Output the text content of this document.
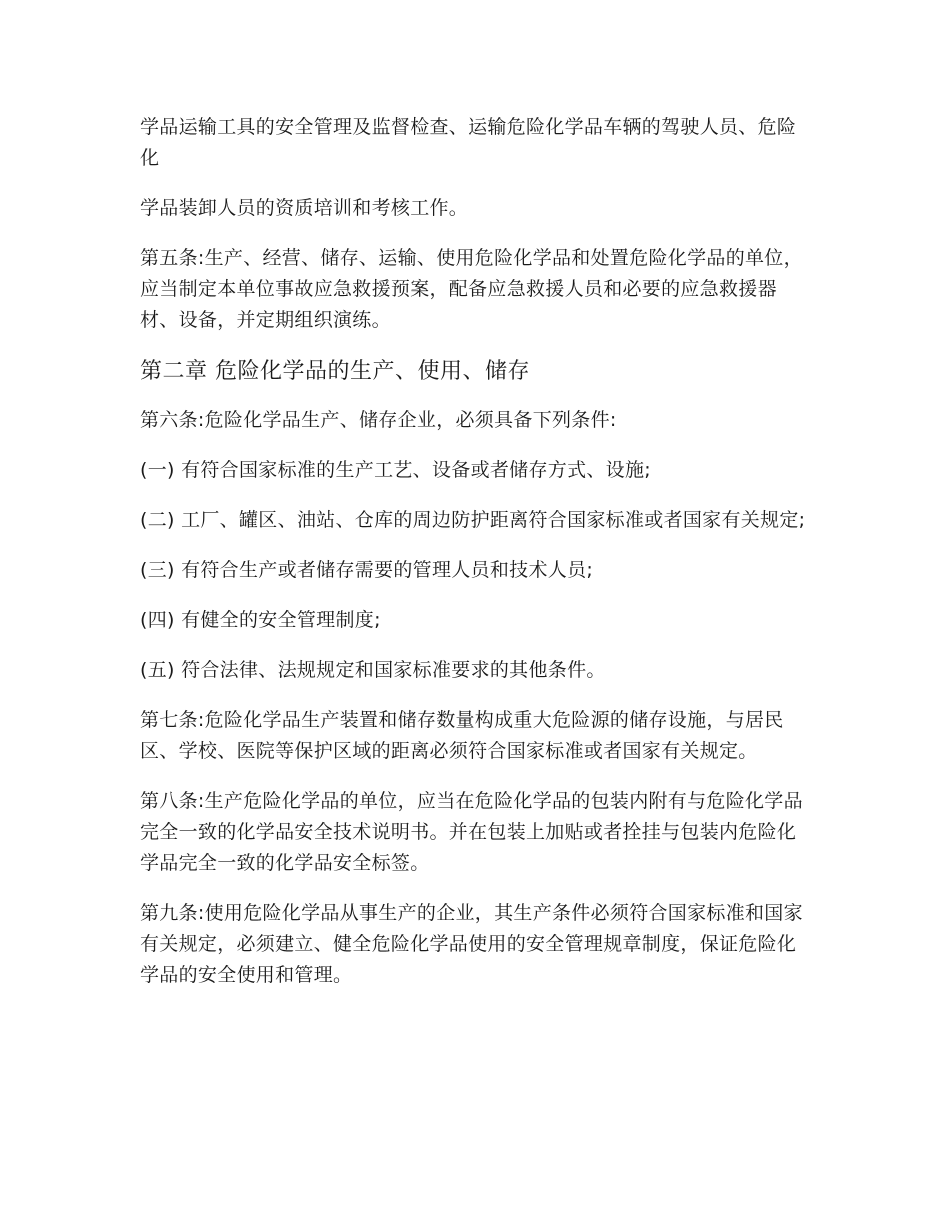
学品运输工具的安全管理及监督检查、运输危险化学品车辆的驾驶人员、危险化

学品装卸人员的资质培训和考核工作。

第五条:生产、经营、储存、运输、使用危险化学品和处置危险化学品的单位，应当制定本单位事故应急救援预案，配备应急救援人员和必要的应急救援器材、设备，并定期组织演练。

第二章 危险化学品的生产、使用、储存

第六条:危险化学品生产、储存企业，必须具备下列条件:

(一) 有符合国家标准的生产工艺、设备或者储存方式、设施;

(二) 工厂、罐区、油站、仓库的周边防护距离符合国家标准或者国家有关规定;

(三) 有符合生产或者储存需要的管理人员和技术人员;

(四) 有健全的安全管理制度;

(五) 符合法律、法规规定和国家标准要求的其他条件。

第七条:危险化学品生产装置和储存数量构成重大危险源的储存设施，与居民区、学校、医院等保护区域的距离必须符合国家标准或者国家有关规定。

第八条:生产危险化学品的单位，应当在危险化学品的包装内附有与危险化学品完全一致的化学品安全技术说明书。并在包装上加贴或者拴挂与包装内危险化学品完全一致的化学品安全标签。

第九条:使用危险化学品从事生产的企业，其生产条件必须符合国家标准和国家有关规定，必须建立、健全危险化学品使用的安全管理规章制度，保证危险化学品的安全使用和管理。
